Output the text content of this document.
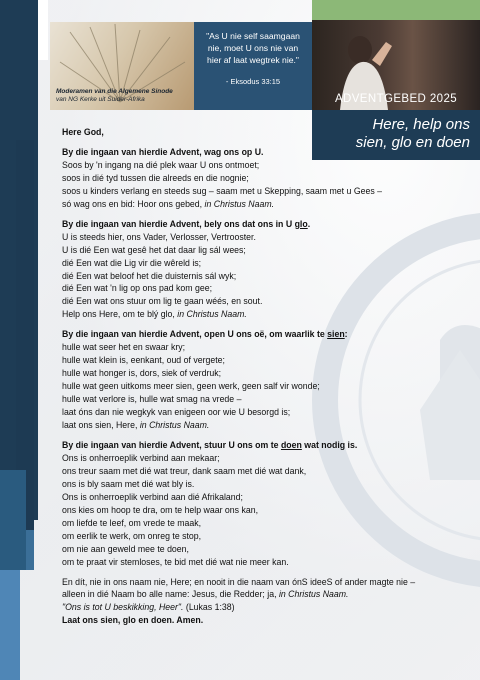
Moderamen van die Algemene Sinode
van NG Kerke uit Suider-Afrika
"As U nie self saamgaan nie, moet U ons nie van hier af laat wegtrek nie."
- Eksodus 33:15
ADVENTGEBED 2025
Here, help ons
sien, glo en doen

Here God,

By die ingaan van hierdie Advent, wag ons op U.

Soos by 'n ingang na dié plek waar U ons ontmoet;

soos in dié tyd tussen die alreeds en die nognie;

soos u kinders verlang en steeds sug – saam met u Skepping, saam met u Gees –

só wag ons en bid: Hoor ons gebed, in Christus Naam.

By die ingaan van hierdie Advent, bely ons dat ons in U glo.

U is steeds hier, ons Vader, Verlosser, Vertrooster.

U is dié Een wat gesê het dat daar lig sál wees;

dié Een wat die Lig vir die wêreld is;

dié Een wat beloof het die duisternis sál wyk;

dié Een wat 'n lig op ons pad kom gee;

dié Een wat ons stuur om lig te gaan wéés, en sout.

Help ons Here, om te blý glo, in Christus Naam.

By die ingaan van hierdie Advent, open U ons oë, om waarlik te sien:

hulle wat seer het en swaar kry;

hulle wat klein is, eenkant, oud of vergete;

hulle wat honger is, dors, siek of verdruk;

hulle wat geen uitkoms meer sien, geen werk, geen salf vir wonde;

hulle wat verlore is, hulle wat smag na vrede –

laat óns dan nie wegkyk van enigeen oor wie U besorgd is;

laat ons sien, Here, in Christus Naam.

By die ingaan van hierdie Advent, stuur U ons om te doen wat nodig is.

Ons is onherroeplik verbind aan mekaar;

ons treur saam met dié wat treur, dank saam met dié wat dank,

ons is bly saam met dié wat bly is.

Ons is onherroeplik verbind aan dié Afrikaland;

ons kies om hoop te dra, om te help waar ons kan,

om liefde te leef, om vrede te maak,

om eerlik te werk, om onreg te stop,

om nie aan geweld mee te doen,

om te praat vir stemloses, te bid met dié wat nie meer kan.

En dít, nie in ons naam nie, Here; en nooit in die naam van ónS ideeS of ander magte nie –

alleen in dié Naam bo alle name: Jesus, die Redder; ja, in Christus Naam.

"Ons is tot U beskikking, Heer". (Lukas 1:38)

Laat ons sien, glo en doen. Amen.
